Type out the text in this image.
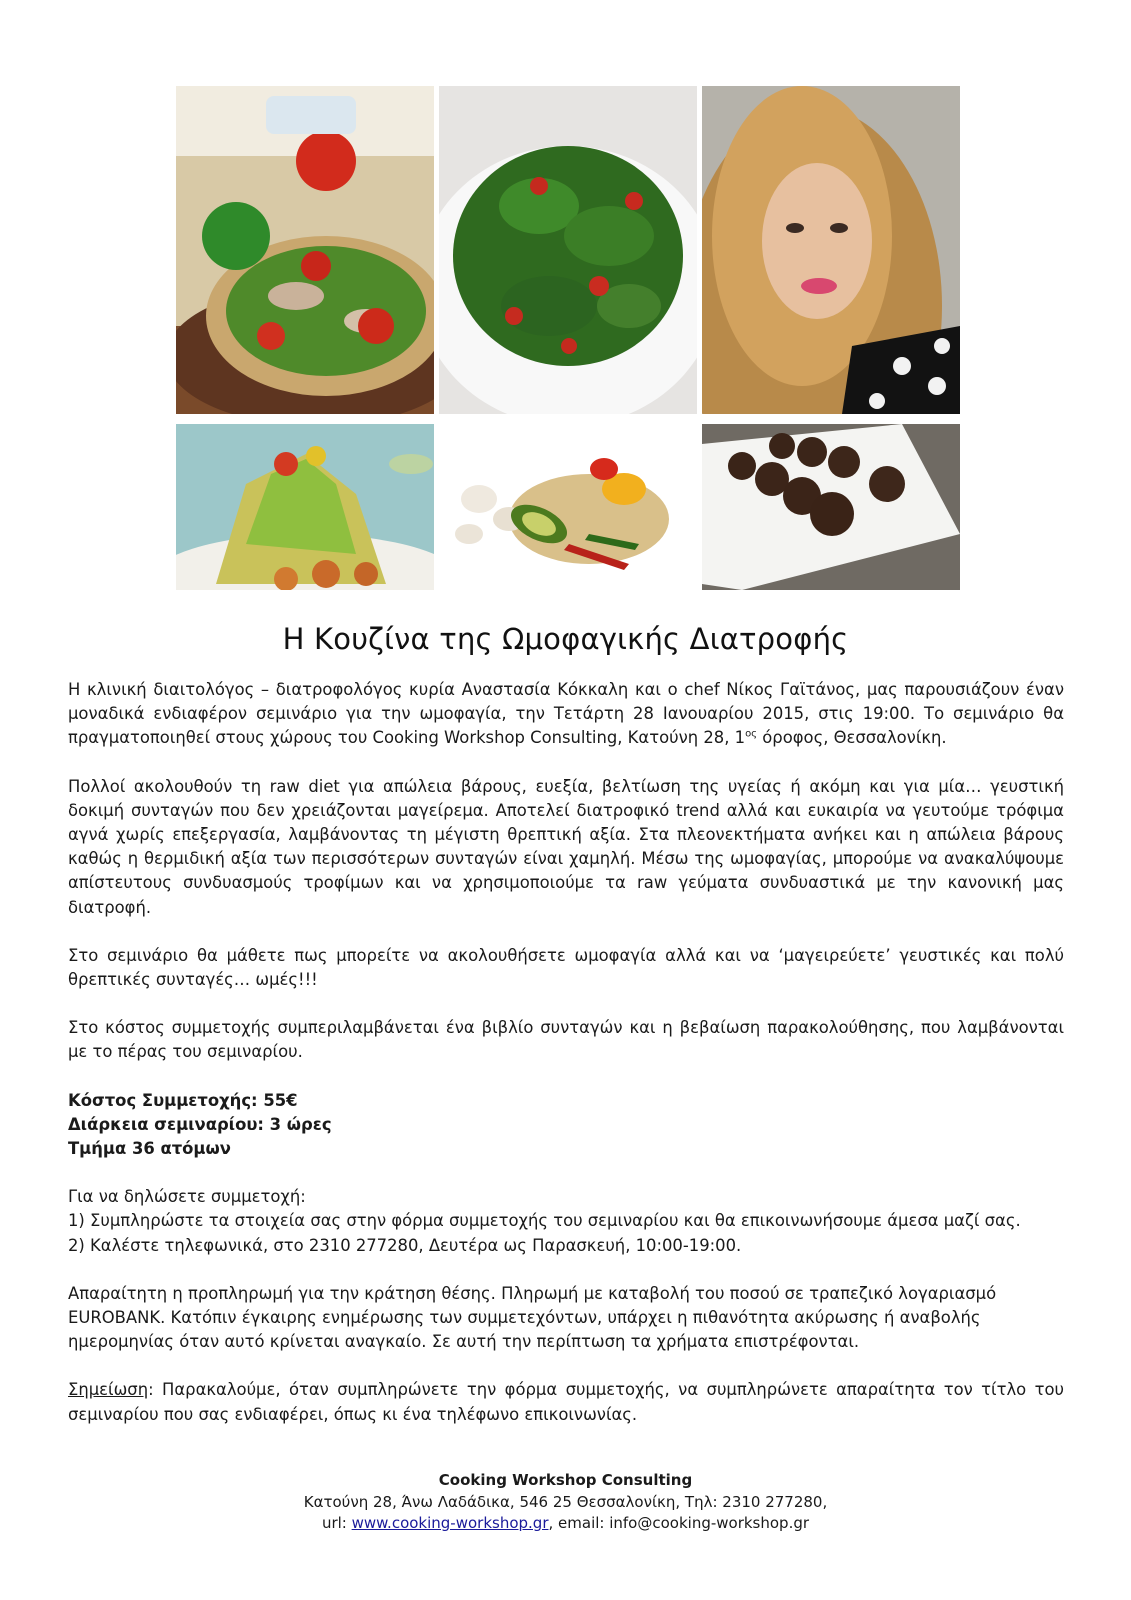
Η Κουζίνα της Ωμοφαγικής Διατροφής

Η κλινική διαιτολόγος – διατροφολόγος κυρία Αναστασία Κόκκαλη και ο chef Νίκος Γαϊτάνος, μας παρουσιάζουν έναν μοναδικά ενδιαφέρον σεμινάριο για την ωμοφαγία, την Τετάρτη 28 Ιανουαρίου 2015, στις 19:00. Το σεμινάριο θα πραγματοποιηθεί στους χώρους του Cooking Workshop Consulting, Κατούνη 28, $1^{o\varsigma}$ όροφος, Θεσσαλονίκη.

Πολλοί ακολουθούν τη raw diet για απώλεια βάρους, ευεξία, βελτίωση της υγείας ή ακόμη και για μία… γευστική δοκιμή συνταγών που δεν χρειάζονται μαγείρεμα. Αποτελεί διατροφικό trend αλλά και ευκαιρία να γευτούμε τρόφιμα αγνά χωρίς επεξεργασία, λαμβάνοντας τη μέγιστη θρεπτική αξία. Στα πλεονεκτήματα ανήκει και η απώλεια βάρους καθώς η θερμιδική αξία των περισσότερων συνταγών είναι χαμηλή. Μέσω της ωμοφαγίας, μπορούμε να ανακαλύψουμε απίστευτους συνδυασμούς τροφίμων και να χρησιμοποιούμε τα raw γεύματα συνδυαστικά με την κανονική μας διατροφή.

Στο σεμινάριο θα μάθετε πως μπορείτε να ακολουθήσετε ωμοφαγία αλλά και να ‘μαγειρεύετε’ γευστικές και πολύ θρεπτικές συνταγές… ωμές!!!

Στο κόστος συμμετοχής συμπεριλαμβάνεται ένα βιβλίο συνταγών και η βεβαίωση παρακολούθησης, που λαμβάνονται με το πέρας του σεμιναρίου.

Κόστος Συμμετοχής: 55€
Διάρκεια σεμιναρίου: 3 ώρες
Τμήμα 36 ατόμων

Για να δηλώσετε συμμετοχή:
1) Συμπληρώστε τα στοιχεία σας στην φόρμα συμμετοχής του σεμιναρίου και θα επικοινωνήσουμε άμεσα μαζί σας.
2) Καλέστε τηλεφωνικά, στο 2310 277280, Δευτέρα ως Παρασκευή, 10:00-19:00.

Απαραίτητη η προπληρωμή για την κράτηση θέσης. Πληρωμή με καταβολή του ποσού σε τραπεζικό λογαριασμό EUROBANK. Κατόπιν έγκαιρης ενημέρωσης των συμμετεχόντων, υπάρχει η πιθανότητα ακύρωσης ή αναβολής ημερομηνίας όταν αυτό κρίνεται αναγκαίο. Σε αυτή την περίπτωση τα χρήματα επιστρέφονται.

Σημείωση: Παρακαλούμε, όταν συμπληρώνετε την φόρμα συμμετοχής, να συμπληρώνετε απαραίτητα τον τίτλο του σεμιναρίου που σας ενδιαφέρει, όπως κι ένα τηλέφωνο επικοινωνίας.

Cooking Workshop Consulting
Κατούνη 28, Άνω Λαδάδικα, 546 25 Θεσσαλονίκη, Τηλ: 2310 277280,
url: www.cooking-workshop.gr, email: info@cooking-workshop.gr
